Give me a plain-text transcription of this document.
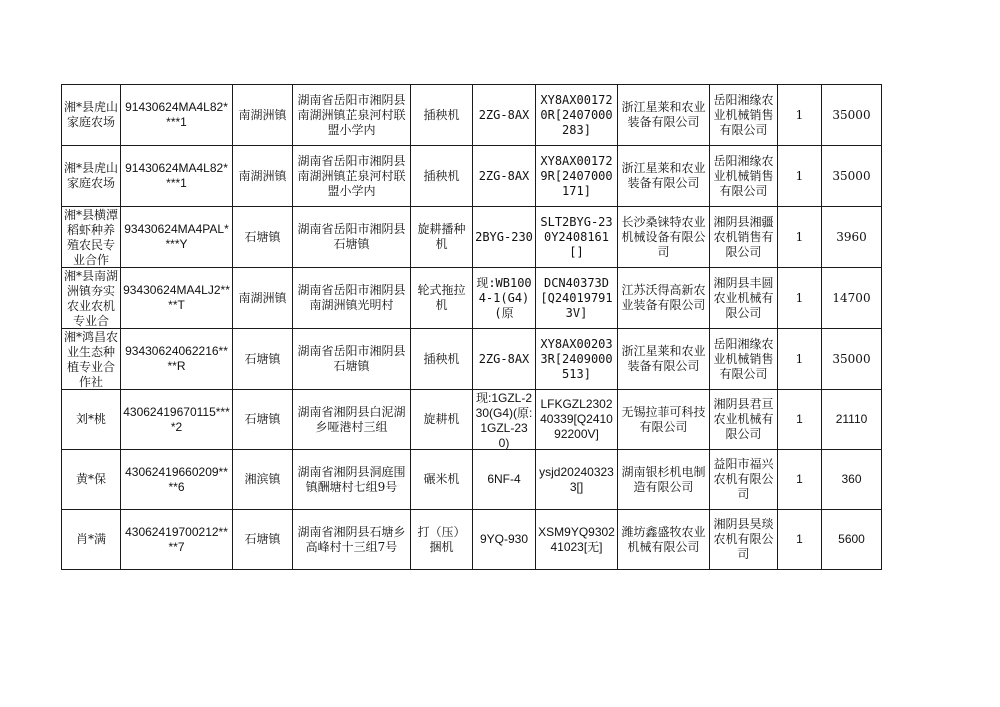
湘*县虎山家庭农场	91430624MA4L82****1	南湖洲镇	湖南省岳阳市湘阴县南湖洲镇芷泉河村联盟小学内	插秧机	2ZG-8AX	XY8AX001720R[2407000283]	浙江星莱和农业装备有限公司	岳阳湘缘农业机械销售有限公司	1	35000

湘*县虎山家庭农场	91430624MA4L82****1	南湖洲镇	湖南省岳阳市湘阴县南湖洲镇芷泉河村联盟小学内	插秧机	2ZG-8AX	XY8AX001729R[2407000171]	浙江星莱和农业装备有限公司	岳阳湘缘农业机械销售有限公司	1	35000

湘*县横潭稻虾种养殖农民专业合作	93430624MA4PAL****Y	石塘镇	湖南省岳阳市湘阴县石塘镇	旋耕播种机	2BYG-230	SLT2BYG-230Y2408161[]	长沙桑铼特农业机械设备有限公司	湘阴县湘疆农机销售有限公司	1	3960

湘*县南湖洲镇夯实农业农机专业合	93430624MA4LJ2****T	南湖洲镇	湖南省岳阳市湘阴县南湖洲镇光明村	轮式拖拉机	现:WB1004-1(G4)(原	DCN40373D[Q240197913V]	江苏沃得高新农业装备有限公司	湘阴县丰圆农业机械有限公司	1	14700

湘*鸿昌农业生态种植专业合作社	93430624062216****R	石塘镇	湖南省岳阳市湘阴县石塘镇	插秧机	2ZG-8AX	XY8AX002033R[2409000513]	浙江星莱和农业装备有限公司	岳阳湘缘农业机械销售有限公司	1	35000

刘*桃	43062419670115****2	石塘镇	湖南省湘阴县白泥湖乡哑港村三组	旋耕机	现:1GZL-230(G4)(原:1GZL-230)	LFKGZL230240339[Q241092200V]	无锡拉菲可科技有限公司	湘阴县君亘农业机械有限公司	1	21110

黄*保	43062419660209****6	湘滨镇	湖南省湘阴县洞庭围镇酬塘村七组9号	碾米机	6NF-4	ysjd202403233[]	湖南银杉机电制造有限公司	益阳市福兴农机有限公司	1	360

肖*满	43062419700212****7	石塘镇	湖南省湘阴县石塘乡高峰村十三组7号	打（压）捆机	9YQ-930	XSM9YQ930241023[无]	潍坊鑫盛牧农业机械有限公司	湘阴县昊琰农机有限公司	1	5600
